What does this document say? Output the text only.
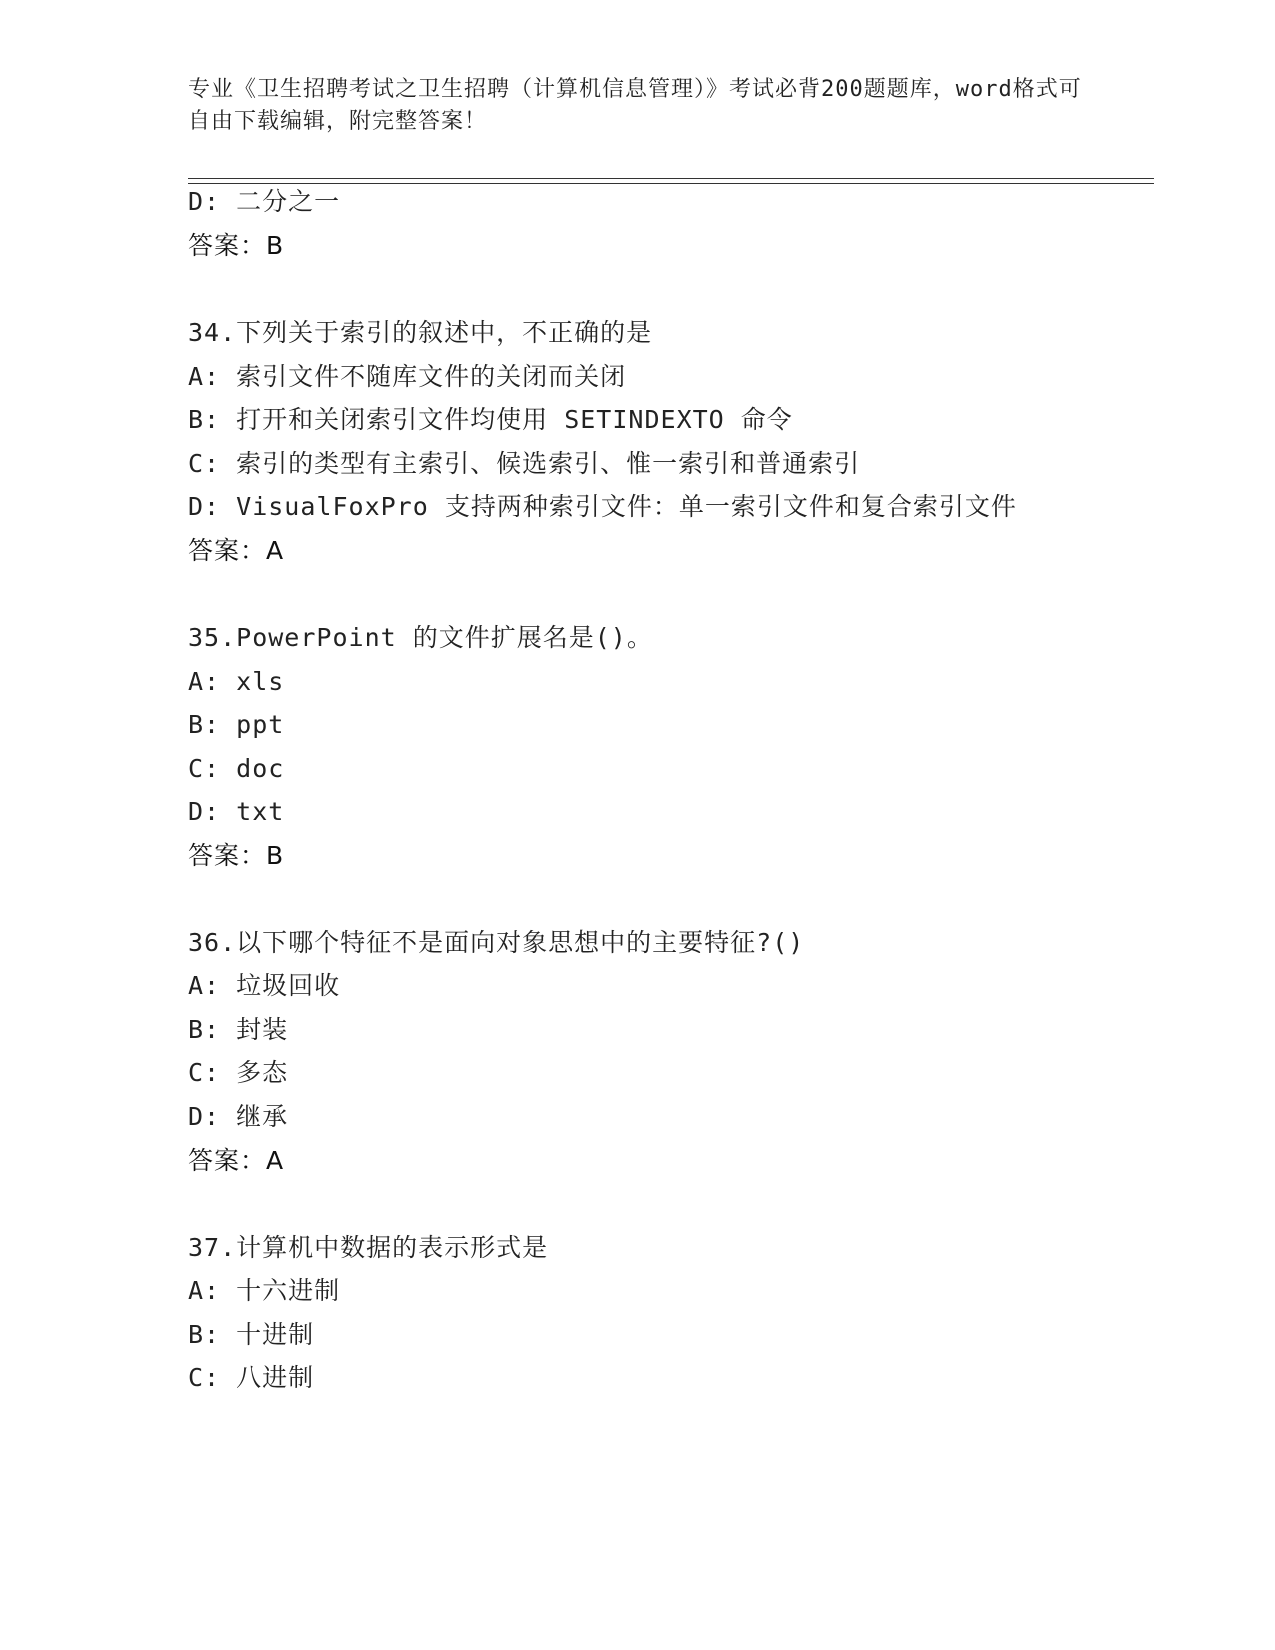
专业《卫生招聘考试之卫生招聘（计算机信息管理）》考试必背200题题库，word格式可自由下载编辑，附完整答案！

D: 二分之一

答案：B

34.下列关于索引的叙述中，不正确的是

A: 索引文件不随库文件的关闭而关闭

B: 打开和关闭索引文件均使用 SETINDEXTO 命令

C: 索引的类型有主索引、候选索引、惟一索引和普通索引

D: VisualFoxPro 支持两种索引文件：单一索引文件和复合索引文件

答案：A

35.PowerPoint 的文件扩展名是()。

A: xls

B: ppt

C: doc

D: txt

答案：B

36.以下哪个特征不是面向对象思想中的主要特征?()

A: 垃圾回收

B: 封装

C: 多态

D: 继承

答案：A

37.计算机中数据的表示形式是

A: 十六进制

B: 十进制

C: 八进制
